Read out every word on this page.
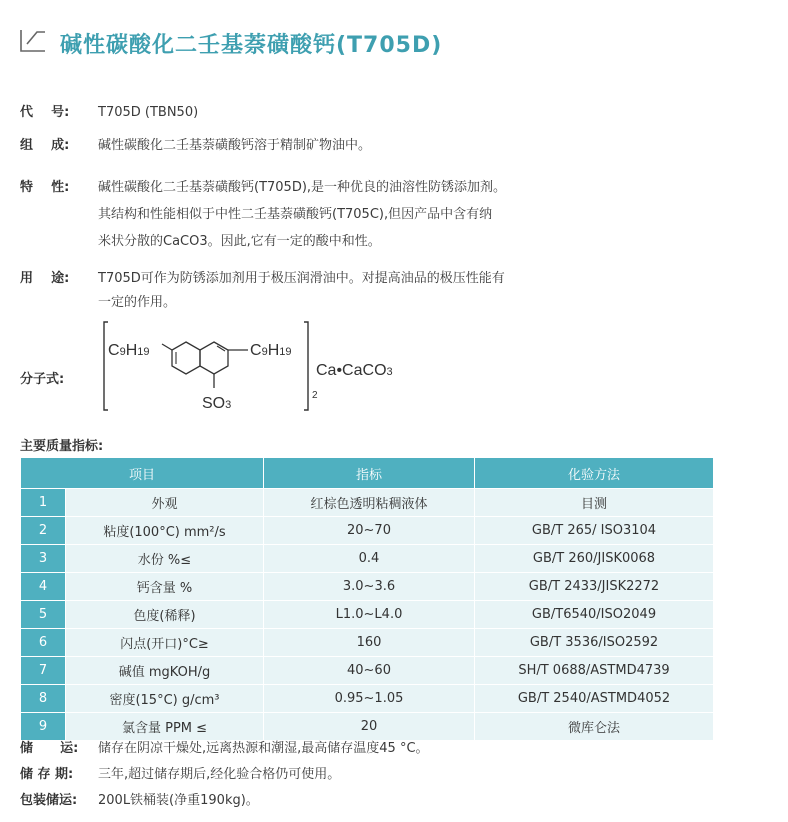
碱性碳酸化二壬基萘磺酸钙(T705D)
代    号:	T705D (TBN50)
组    成:	碱性碳酸化二壬基萘磺酸钙溶于精制矿物油中。
特    性:	碱性碳酸化二壬基萘磺酸钙(T705D),是一种优良的油溶性防锈添加剂。
其结构和性能相似于中性二壬基萘磺酸钙(T705C),但因产品中含有纳
米状分散的CaCO3。因此,它有一定的酸中和性。
用    途:	T705D可作为防锈添加剂用于极压润滑油中。对提高油品的极压性能有
一定的作用。
分子式:
C9H19	C9H19
SO3
2
Ca•CaCO3
主要质量指标:
项目		指标	化验方法
1	外观	红棕色透明粘稠液体	目测
2	粘度(100°C) mm²/s	20~70	GB/T 265/ ISO3104
3	水份 %≤	0.4	GB/T 260/JISK0068
4	钙含量 %	3.0~3.6	GB/T 2433/JISK2272
5	色度(稀释)	L1.0~L4.0	GB/T6540/ISO2049
6	闪点(开口)°C≥	160	GB/T 3536/ISO2592
7	碱值 mgKOH/g	40~60	SH/T 0688/ASTMD4739
8	密度(15°C) g/cm³	0.95~1.05	GB/T 2540/ASTMD4052
9	氯含量 PPM ≤	20	微库仑法
储      运:	储存在阴凉干燥处,远离热源和潮湿,最高储存温度45 °C。
储 存 期:	三年,超过储存期后,经化验合格仍可使用。
包装储运:	200L铁桶装(净重190kg)。
